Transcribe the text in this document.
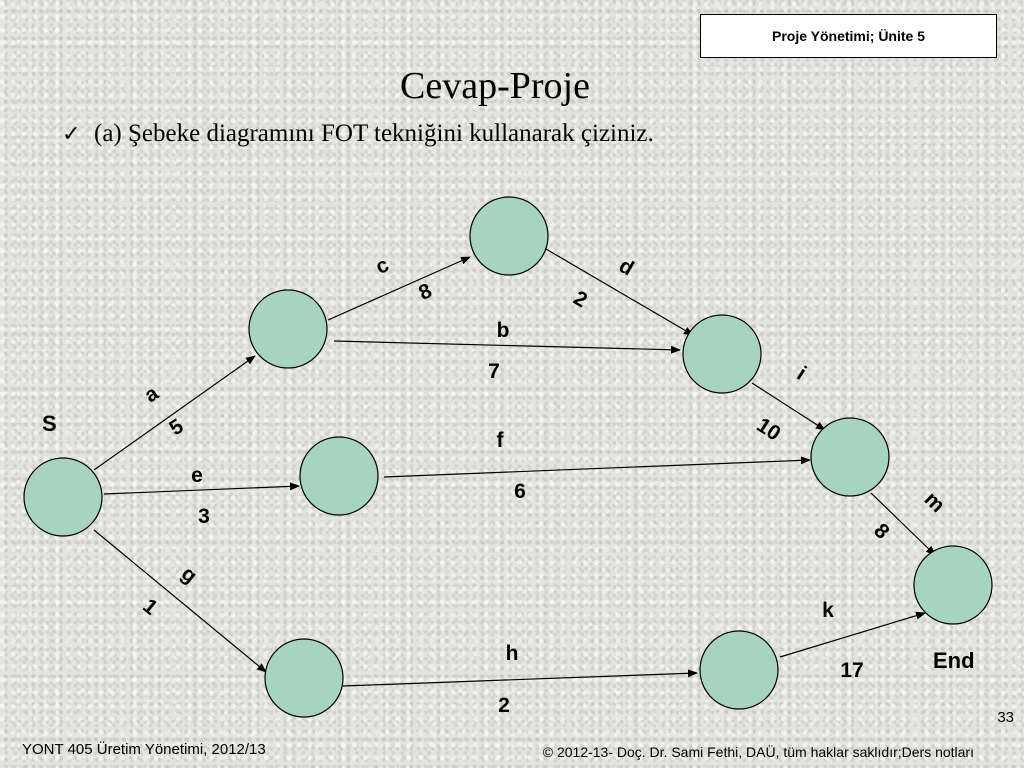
Proje Yönetimi; Ünite 5
Cevap-Proje
✓ (a) Şebeke diagramını FOT tekniğini kullanarak çiziniz.
S
End
a
5
c
8
b
7
d
2
i
10
e
3
f
6	m
8
g
1
h
2
k
17
33
YONT 405 Üretim Yönetimi, 2012/13	© 2012-13- Doç. Dr. Sami Fethi, DAÜ, tüm haklar saklıdır;Ders notları
